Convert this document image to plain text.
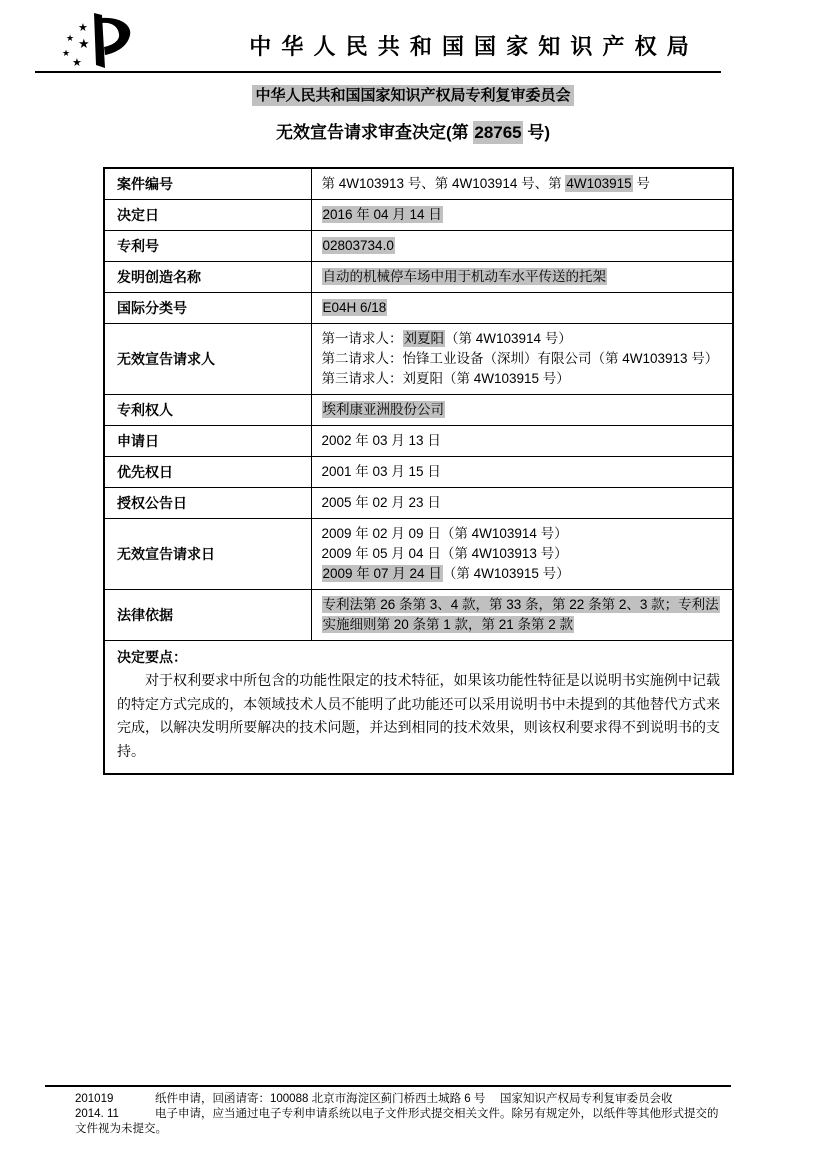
★
★ ★
★
★
中 华 人 民 共 和 国 国 家 知 识 产 权 局
中华人民共和国国家知识产权局专利复审委员会
无效宣告请求审查决定(第 28765 号)
案件编号	第 4W103913 号、第 4W103914 号、第 4W103915 号

决定日	2016 年 04 月 14 日

专利号	02803734.0

发明创造名称	自动的机械停车场中用于机动车水平传送的托架

国际分类号	E04H 6/18

无效宣告请求人	第一请求人：刘夏阳（第 4W103914 号）
第二请求人：怡锋工业设备（深圳）有限公司（第 4W103913 号）
第三请求人：刘夏阳（第 4W103915 号）

专利权人	埃利康亚洲股份公司

申请日	2002 年 03 月 13 日

优先权日	2001 年 03 月 15 日

授权公告日	2005 年 02 月 23 日

无效宣告请求日	2009 年 02 月 09 日（第 4W103914 号）
2009 年 05 月 04 日（第 4W103913 号）
2009 年 07 月 24 日（第 4W103915 号）

法律依据	专利法第 26 条第 3、4 款，第 33 条，第 22 条第 2、3 款；专利法
实施细则第 20 条第 1 款，第 21 条第 2 款

决定要点：
对于权利要求中所包含的功能性限定的技术特征，如果该功能性特征是以说明书实施例中记载的特定方式完成的，本领域技术人员不能明了此功能还可以采用说明书中未提到的其他替代方式来完成，以解决发明所要解决的技术问题，并达到相同的技术效果，则该权利要求得不到说明书的支持。	
201019
2014. 11
纸件申请，回函请寄：100088 北京市海淀区蓟门桥西土城路 6 号　 国家知识产权局专利复审委员会收
电子申请，应当通过电子专利申请系统以电子文件形式提交相关文件。除另有规定外，以纸件等其他形式提交的
文件视为未提交。
